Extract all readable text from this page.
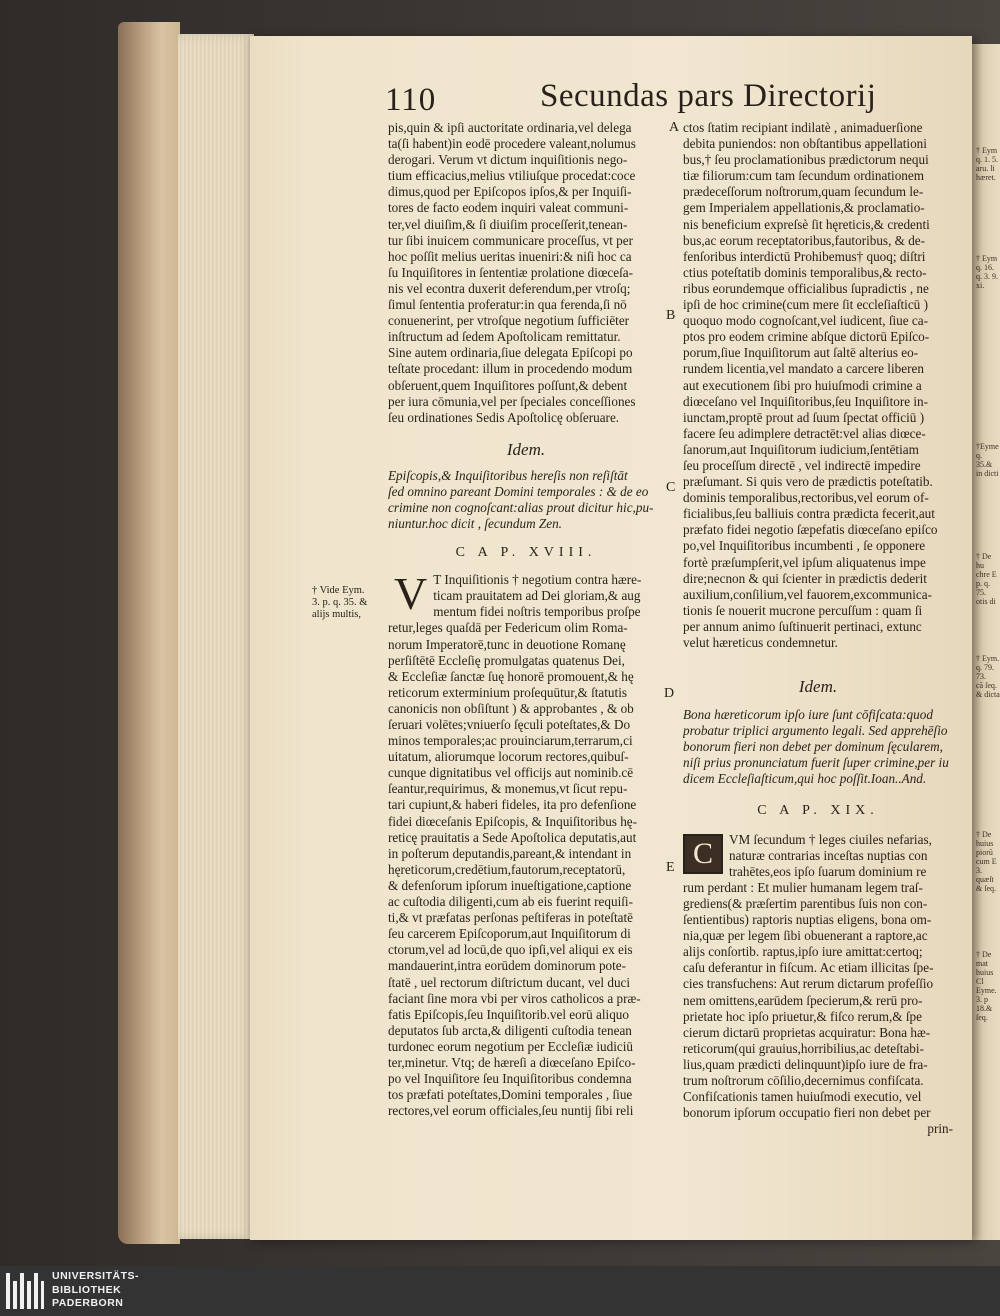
† Eym
q. 1. 5.
aru. li
hæret.
† Eym
q. 16.
q. 3. 9.
xi.
†Eyme
q. 35.&
in dicti
† De hu
chre E
p. q. 75.
otis di
† Eym.
q. 79. 73.
cā ſeq.
& dicta
† De
huius
piorū
cum E
3. quæſt
& ſeq.
† De mat
huius Cl
Eyme. 3. p
18.& ſeq.
110	Secundas pars Directorij
† Vide Eym.
3. p. q. 35. &
alijs multis,
A
B
C
D
E
pis,quin & ipſi auctoritate ordinaria,vel delega
ta(ſi habent)in eodē procedere valeant,nolumus
derogari. Verum vt dictum inquiſitionis nego-
tium efficacius,melius vtiliuſque procedat:coce
dimus,quod per Epiſcopos ipſos,& per Inquiſi-
tores de facto eodem inquiri valeat communi-
ter,vel diuiſim,& ſi diuiſim proceſſerit,tenean-
tur ſibi inuicem communicare proceſſus, vt per
hoc poſſit melius ueritas inueniri:& niſi hoc ca
ſu Inquiſitores in ſententiæ prolatione diœceſa-
nis vel econtra duxerit deferendum,per vtroſq;
ſimul ſententia proferatur:in qua ferenda,ſi nō
conuenerint, per vtroſque negotium ſufficiēter
inſtructum ad ſedem Apoſtolicam remittatur.
Sine autem ordinaria,ſiue delegata Epiſcopi po
teſtate procedant: illum in procedendo modum
obſeruent,quem Inquiſitores poſſunt,& debent
per iura cōmunia,vel per ſpeciales conceſſiones
ſeu ordinationes Sedis Apoſtolicę obſeruare.
Idem.
Epiſcopis,& Inquiſitoribus hereſis non reſiſtāt
ſed omnino pareant Domini temporales : & de eo
crimine non cognoſcant:alias prout dicitur hic,pu-
niuntur.hoc dicit , ſecundum Zen.
C A P. XVIII.
V T Inquiſitionis † negotium contra hære-
ticam prauitatem ad Dei gloriam,& aug
mentum fidei noſtris temporibus proſpe
retur,leges quaſdā per Federicum olim Roma-
norum Imperatorē,tunc in deuotione Romanę
perſiſtētē Eccleſię promulgatas quatenus Dei,
& Eccleſiæ ſanctæ ſuę honorē promouent,& hę
reticorum exterminium proſequūtur,& ſtatutis
canonicis non obſiſtunt ) & approbantes , & ob
ſeruari volētes;vniuerſo ſęculi poteſtates,& Do
minos temporales;ac prouinciarum,terrarum,ci
uitatum, aliorumque locorum rectores,quibuſ-
cunque dignitatibus vel officijs aut nominib.cē
ſeantur,requirimus, & monemus,vt ſicut repu-
tari cupiunt,& haberi fideles, ita pro defenſione
fidei diœceſanis Epiſcopis, & Inquiſitoribus hę-
reticę prauitatis a Sede Apoſtolica deputatis,aut
in poſterum deputandis,pareant,& intendant in
hęreticorum,credētium,fautorum,receptatorū,
& defenſorum ipſorum inueſtigatione,captione
ac cuſtodia diligenti,cum ab eis fuerint requiſi-
ti,& vt præfatas perſonas peſtiferas in poteſtatē
ſeu carcerem Epiſcoporum,aut Inquiſitorum di
ctorum,vel ad locū,de quo ipſi,vel aliqui ex eis
mandauerint,intra eorūdem dominorum pote-
ſtatē , uel rectorum diſtrictum ducant, vel duci
faciant ſine mora vbi per viros catholicos a præ-
fatis Epiſcopis,ſeu Inquiſitorib.vel eorū aliquo
deputatos ſub arcta,& diligenti cuſtodia tenean
turdonec eorum negotium per Eccleſiæ iudiciū
ter,minetur. Vtq; de hæreſi a diœceſano Epiſco-
po vel Inquiſitore ſeu Inquiſitoribus condemna
tos præfati poteſtates,Domini temporales , ſiue
rectores,vel eorum officiales,ſeu nuntij ſibi reli
ctos ſtatim recipiant indilatè , animaduerſione
debita puniendos: non obſtantibus appellationi
bus,† ſeu proclamationibus prædictorum nequi
tiæ filiorum:cum tam ſecundum ordinationem
prædeceſſorum noſtrorum,quam ſecundum le-
gem Imperialem appellationis,& proclamatio-
nis beneficium expreſsè ſit hęreticis,& credenti
bus,ac eorum receptatoribus,fautoribus, & de-
fenſoribus interdictū Prohibemus† quoq; diſtri
ctius poteſtatib dominis temporalibus,& recto-
ribus eorundemque officialibus ſupradictis , ne
ipſi de hoc crimine(cum mere ſit eccleſiaſticū )
quoquo modo cognoſcant,vel iudicent, ſiue ca-
ptos pro eodem crimine abſque dictorū Epiſco-
porum,ſiue Inquiſitorum aut ſaltē alterius eo-
rundem licentia,vel mandato a carcere liberen
aut executionem ſibi pro huiuſmodi crimine a
diœceſano vel Inquiſitoribus,ſeu Inquiſitore in-
iunctam,proptē prout ad ſuum ſpectat officiū )
facere ſeu adimplere detractēt:vel alias diœce-
ſanorum,aut Inquiſitorum iudicium,ſentētiam
ſeu proceſſum directē , vel indirectē impedire
præſumant. Si quis vero de prædictis poteſtatib.
dominis temporalibus,rectoribus,vel eorum of-
ficialibus,ſeu balliuis contra prædicta fecerit,aut
præfato fidei negotio ſæpefatis diœceſano epiſco
po,vel Inquiſitoribus incumbenti , ſe opponere
fortè præſumpſerit,vel ipſum aliquatenus impe
dire;necnon & qui ſcienter in prædictis dederit
auxilium,conſilium,vel fauorem,excommunica-
tionis ſe nouerit mucrone percuſſum : quam ſi
per annum animo ſuſtinuerit pertinaci, extunc
velut hæreticus condemnetur.
Idem.
Bona hæreticorum ipſo iure ſunt cōfiſcata:quod
probatur triplici argumento legali. Sed apprehēſio
bonorum fieri non debet per dominum ſęcularem,
niſi prius pronunciatum fuerit ſuper crimine,per iu
dicem Eccleſiaſticum,qui hoc poſſit.Ioan..And.
C A P. XIX.
C	VM ſecundum † leges ciuiles nefarias,
naturæ contrarias inceſtas nuptias con
trahētes,eos ipſo ſuarum dominium re
rum perdant : Et mulier humanam legem traſ-
grediens(& præſertim parentibus ſuis non con-
ſentientibus) raptoris nuptias eligens, bona om-
nia,quæ per legem ſibi obuenerant a raptore,ac
alijs conſortib. raptus,ipſo iure amittat:certoq;
caſu deferantur in fiſcum. Ac etiam illicitas ſpe-
cies transfuchens: Aut rerum dictarum profeſſio
nem omittens,earūdem ſpecierum,& rerū pro-
prietate hoc ipſo priuetur,& fiſco rerum,& ſpe
cierum dictarū proprietas acquiratur: Bona hæ-
reticorum(qui grauius,horribilius,ac deteſtabi-
lius,quam prædicti delinquunt)ipſo iure de fra-
trum noſtrorum cōſilio,decernimus confiſcata.
Confiſcationis tamen huiuſmodi executio, vel
bonorum ipſorum occupatio fieri non debet per
prin-
UNIVERSITÄTS-
BIBLIOTHEK
PADERBORN
